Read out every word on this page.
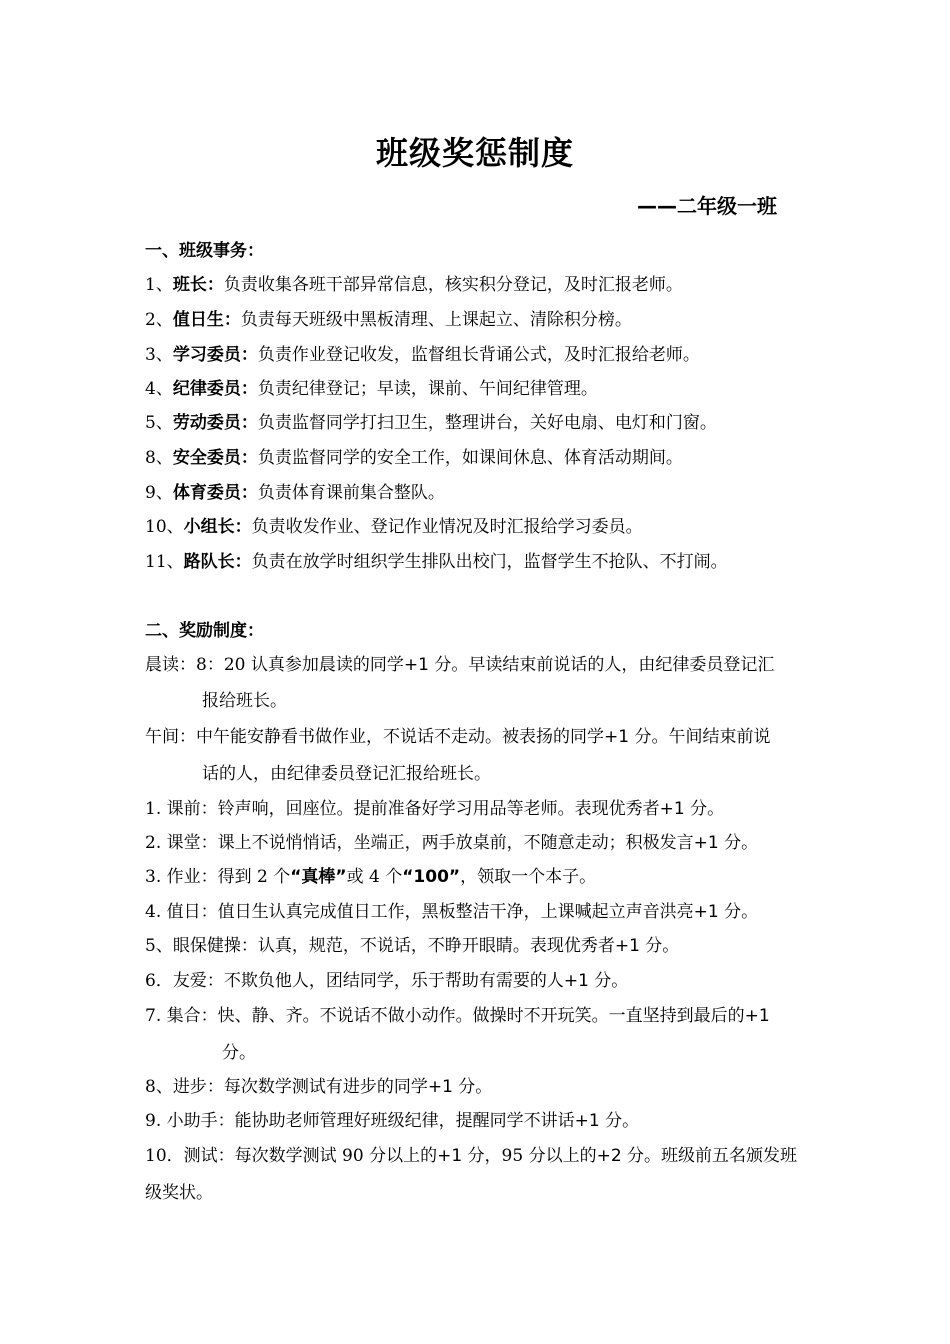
班级奖惩制度
——二年级一班
一、班级事务：
1、班长：负责收集各班干部异常信息，核实积分登记，及时汇报老师。
2、值日生：负责每天班级中黑板清理、上课起立、清除积分榜。
3、学习委员：负责作业登记收发，监督组长背诵公式，及时汇报给老师。
4、纪律委员：负责纪律登记；早读，课前、午间纪律管理。
5、劳动委员：负责监督同学打扫卫生，整理讲台，关好电扇、电灯和门窗。
8、安全委员：负责监督同学的安全工作，如课间休息、体育活动期间。
9、体育委员：负责体育课前集合整队。
10、小组长：负责收发作业、登记作业情况及时汇报给学习委员。
11、路队长：负责在放学时组织学生排队出校门，监督学生不抢队、不打闹。
二、奖励制度：
晨读：8：20 认真参加晨读的同学+1 分。早读结束前说话的人，由纪律委员登记汇
报给班长。
午间：中午能安静看书做作业，不说话不走动。被表扬的同学+1 分。午间结束前说
话的人，由纪律委员登记汇报给班长。
1. 课前：铃声响，回座位。提前准备好学习用品等老师。表现优秀者+1 分。
2. 课堂：课上不说悄悄话，坐端正，两手放桌前，不随意走动；积极发言+1 分。
3. 作业：得到 2 个“真棒”或 4 个“100”，领取一个本子。
4. 值日：值日生认真完成值日工作，黑板整洁干净，上课喊起立声音洪亮+1 分。
5、眼保健操：认真，规范，不说话，不睁开眼睛。表现优秀者+1 分。
6．友爱：不欺负他人，团结同学，乐于帮助有需要的人+1 分。
7. 集合：快、静、齐。不说话不做小动作。做操时不开玩笑。一直坚持到最后的+1
分。
8、进步：每次数学测试有进步的同学+1 分。
9. 小助手：能协助老师管理好班级纪律，提醒同学不讲话+1 分。
10．测试：每次数学测试 90 分以上的+1 分，95 分以上的+2 分。班级前五名颁发班
级奖状。
